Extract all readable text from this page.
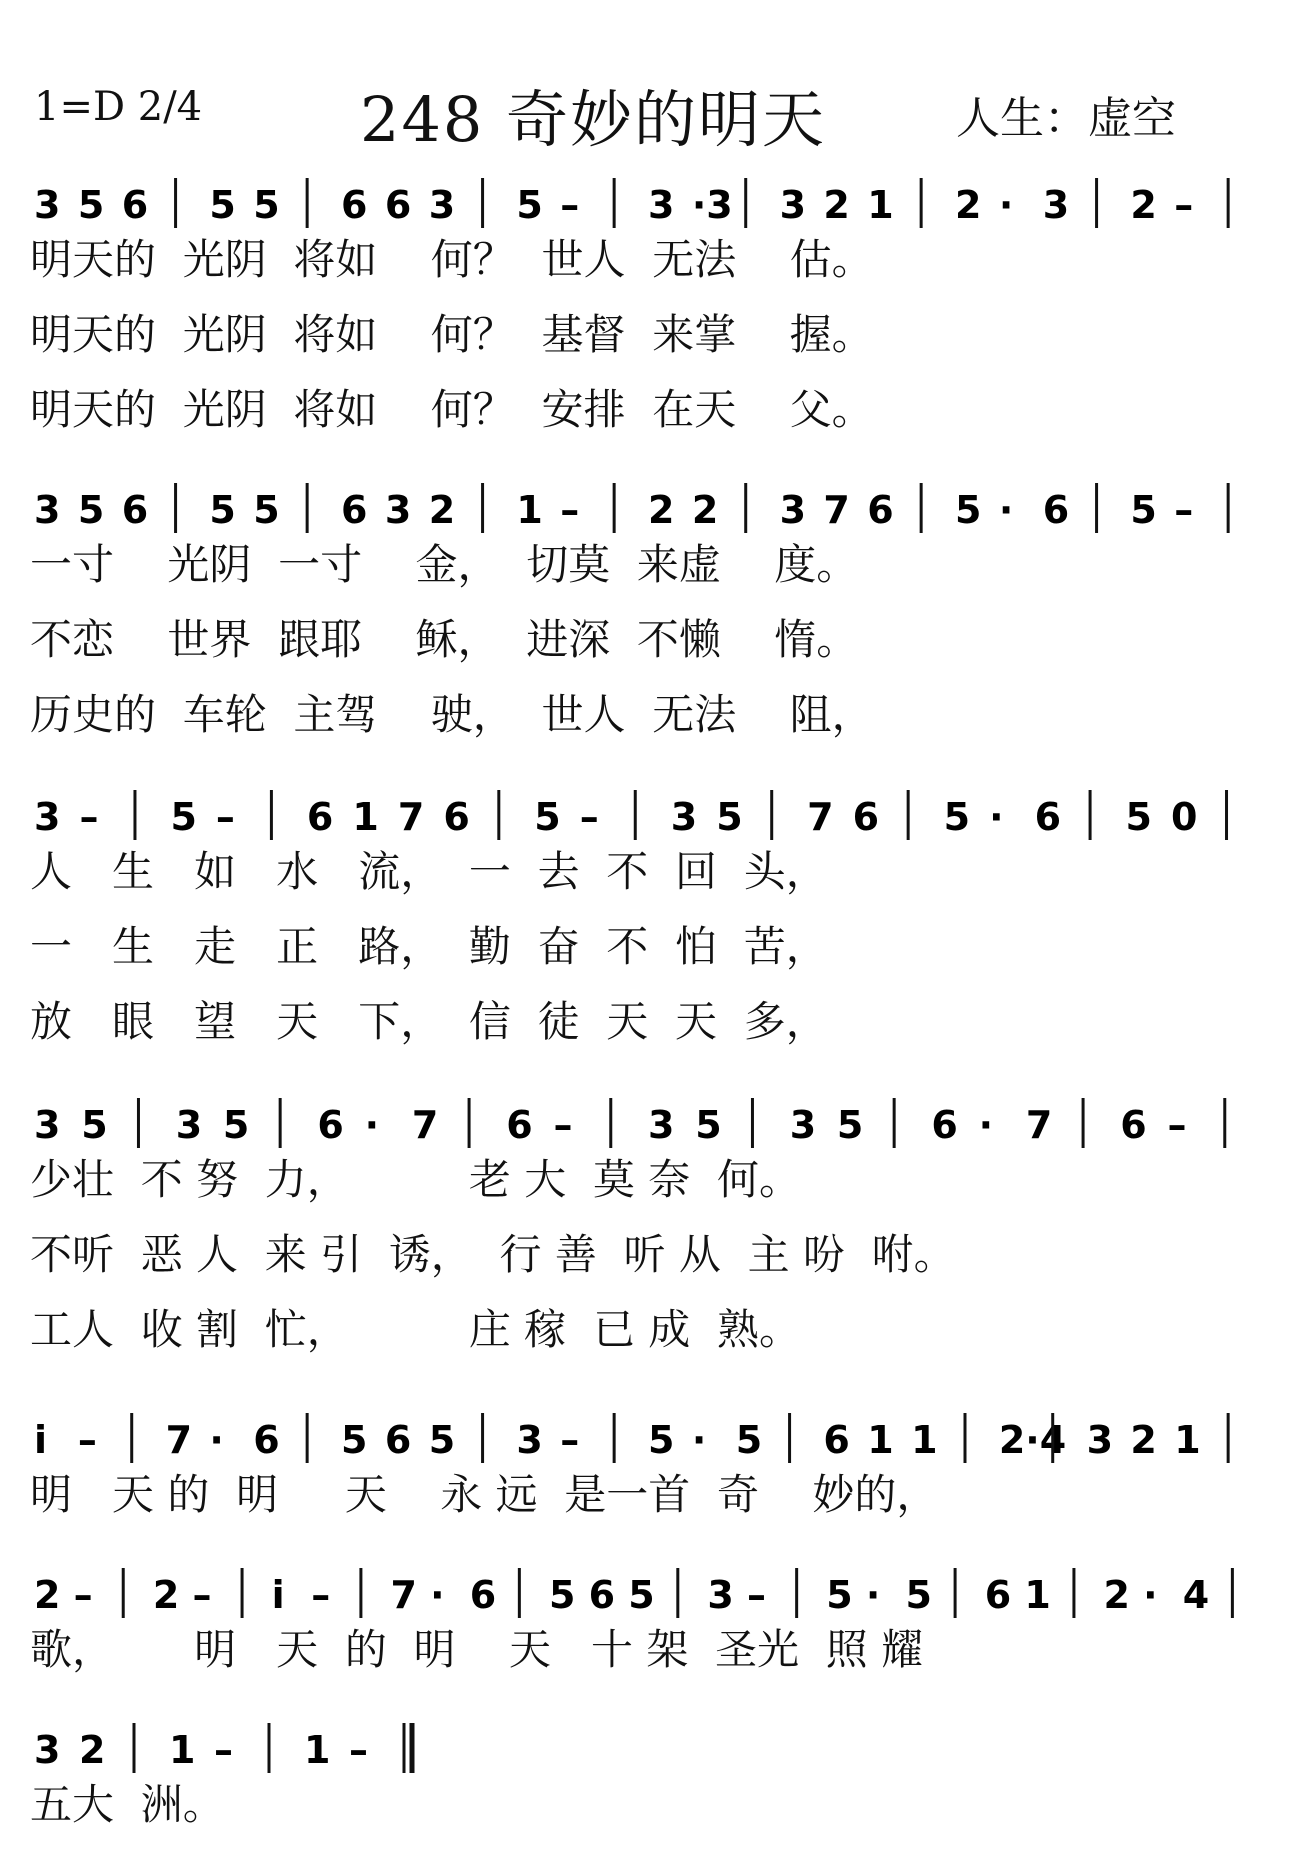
1=D 2/4	248 奇妙的明天	人生：虚空
3 5 6 5 5 6 6 3 5 – 3 ·3 3 2 1 2 · 3 2 –
明天的  光阴  将如    何？  世人  无法    估。
明天的  光阴  将如    何？  基督  来掌    握。
明天的  光阴  将如    何？  安排  在天    父。
3 5 6 5 5 6 3 2 1 – 2 2 3 7 6 5 · 6 5 –
一寸    光阴  一寸    金，  切莫  来虚    度。
不恋    世界  跟耶    稣，  进深  不懒    惰。
历史的  车轮  主驾    驶，  世人  无法    阻，
3 – 5 – 6 1 7 6 5 – 3 5 7 6 5 · 6 5 0
人   生   如   水   流，  一  去  不  回  头，
一   生   走   正   路，  勤  奋  不  怕  苦，
放   眼   望   天   下，  信  徒  天  天  多，
3 5 3 5 6 · 7 6 – 3 5 3 5 6 · 7 6 –
少壮  不 努  力，         老 大  莫 奈  何。
不听  恶 人  来 引  诱，  行 善  听 从  主 吩  咐。
工人  收 割  忙，         庄 稼  已 成  熟。
i – 7 · 6 5 6 5 3 – 5 · 5 6 1 1 2·4 3 2 1
明   天 的  明     天    永 远  是一首  奇    妙的，
2 – 2 – i – 7 · 6 5 6 5 3 – 5 · 5 6 1 2 · 4
歌，      明   天  的  明    天   十 架  圣光  照 耀
3 2 1 – 1 –
五大  洲。
